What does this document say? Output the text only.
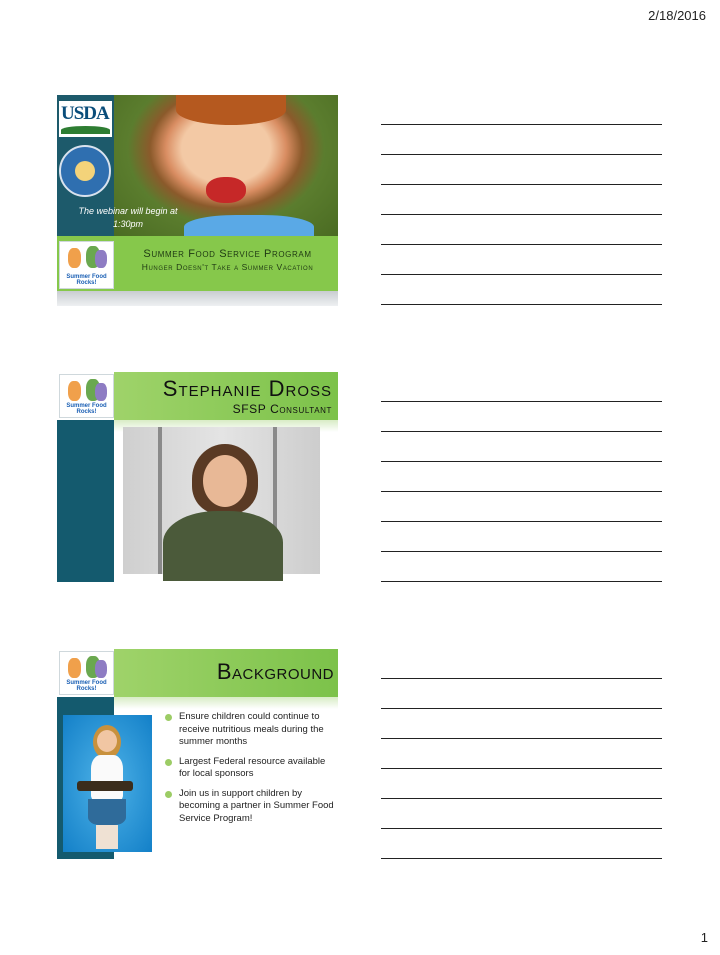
2/18/2016
USDA
The webinar will begin at 1:30pm
Summer Food Rocks!
Summer Food Service Program
Hunger Doesn't Take a Summer Vacation
Summer Food Rocks!
Stephanie Dross
SFSP Consultant
Summer Food Rocks!
Background
Ensure children could continue to receive nutritious meals during the summer months
Largest Federal resource available for local sponsors
Join us in support children by becoming a partner in Summer Food Service Program!
1
